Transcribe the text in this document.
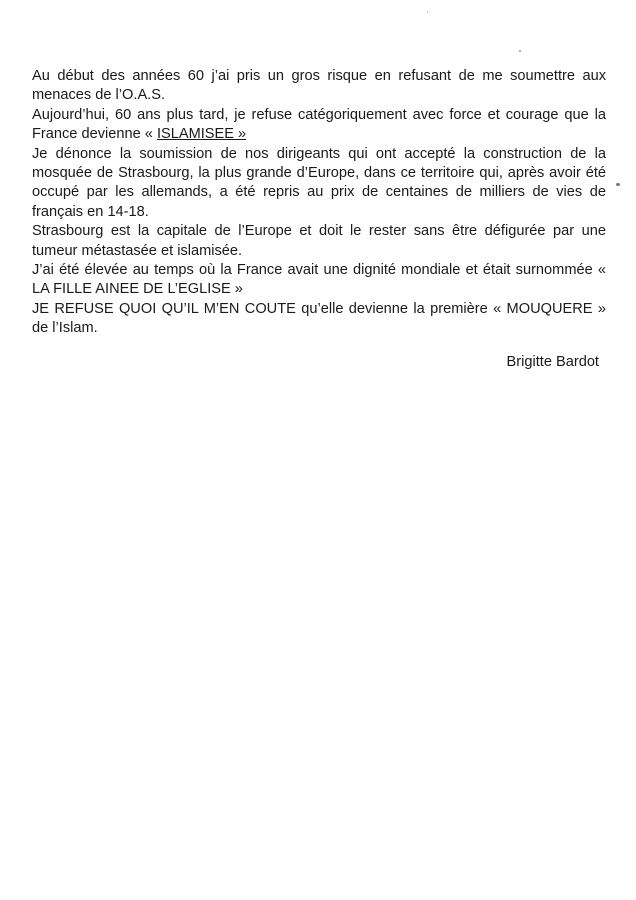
Au début des années 60 j’ai pris un gros risque en refusant de me soumettre aux menaces de l’O.A.S.

Aujourd’hui, 60 ans plus tard, je refuse catégoriquement avec force et courage que la France devienne « ISLAMISEE »

Je dénonce la soumission de nos dirigeants qui ont accepté la construction de la mosquée de Strasbourg, la plus grande d’Europe, dans ce territoire qui, après avoir été occupé par les allemands, a été repris au prix de centaines de milliers de vies de français en 14-18.

Strasbourg est la capitale de l’Europe et doit le rester sans être défigurée par une tumeur métastasée et islamisée.

J’ai été élevée au temps où la France avait une dignité mondiale et était surnommée « LA FILLE AINEE DE L’EGLISE »

JE REFUSE QUOI QU’IL M’EN COUTE qu’elle devienne la première « MOUQUERE » de l’Islam.

Brigitte Bardot
